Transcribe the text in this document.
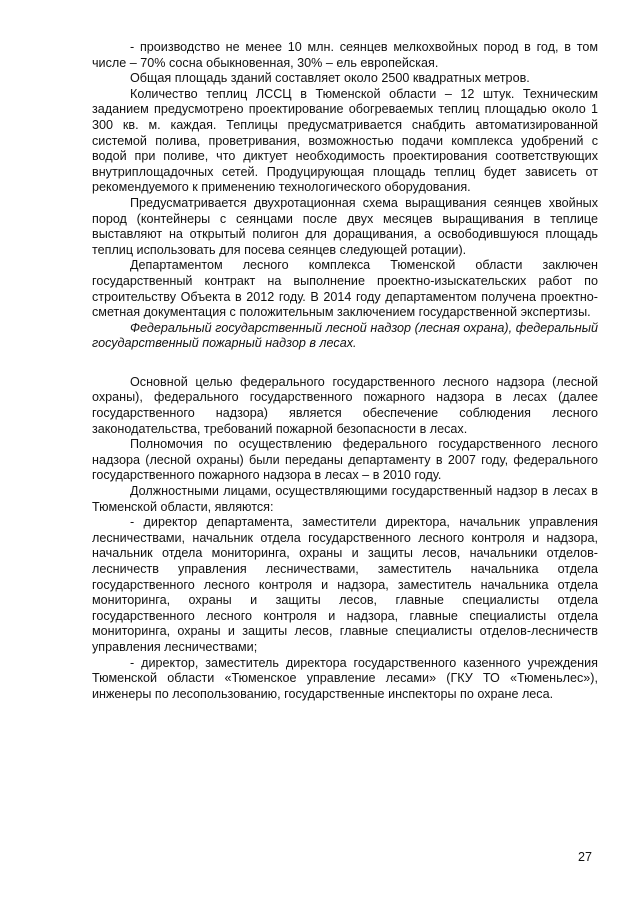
- производство не менее 10 млн. сеянцев мелкохвойных пород в год, в том числе – 70% сосна обыкновенная, 30% – ель европейская.

Общая площадь зданий составляет около 2500 квадратных метров.

Количество теплиц ЛССЦ в Тюменской области – 12 штук. Техническим заданием предусмотрено проектирование обогреваемых теплиц площадью около 1 300 кв. м. каждая. Теплицы предусматривается снабдить автоматизированной системой полива, проветривания, возможностью подачи комплекса удобрений с водой при поливе, что диктует необходимость проектирования соответствующих внутриплощадочных сетей. Продуцирующая площадь теплиц будет зависеть от рекомендуемого к применению технологического оборудования.

Предусматривается двухротационная схема выращивания сеянцев хвойных пород (контейнеры с сеянцами после двух месяцев выращивания в теплице выставляют на открытый полигон для доращивания, а освободившуюся площадь теплиц использовать для посева сеянцев следующей ротации).

Департаментом лесного комплекса Тюменской области заключен государственный контракт на выполнение проектно-изыскательских работ по строительству Объекта в 2012 году. В 2014 году департаментом получена проектно-сметная документация с положительным заключением государственной экспертизы.

Федеральный государственный лесной надзор (лесная охрана), федеральный государственный пожарный надзор в лесах.

Основной целью федерального государственного лесного надзора (лесной охраны), федерального государственного пожарного надзора в лесах (далее государственного надзора) является обеспечение соблюдения лесного законодательства, требований пожарной безопасности в лесах.

Полномочия по осуществлению федерального государственного лесного надзора (лесной охраны) были переданы департаменту в 2007 году, федерального государственного пожарного надзора в лесах – в 2010 году.

Должностными лицами, осуществляющими государственный надзор в лесах в Тюменской области, являются:

- директор департамента, заместители директора, начальник управления лесничествами, начальник отдела государственного лесного контроля и надзора, начальник отдела мониторинга, охраны и защиты лесов, начальники отделов-лесничеств управления лесничествами, заместитель начальника отдела государственного лесного контроля и надзора, заместитель начальника отдела мониторинга, охраны и защиты лесов, главные специалисты отдела государственного лесного контроля и надзора, главные специалисты отдела мониторинга, охраны и защиты лесов, главные специалисты отделов-лесничеств управления лесничествами;

- директор, заместитель директора государственного казенного учреждения Тюменской области «Тюменское управление лесами» (ГКУ ТО «Тюменьлес»), инженеры по лесопользованию, государственные инспекторы по охране леса.

27
